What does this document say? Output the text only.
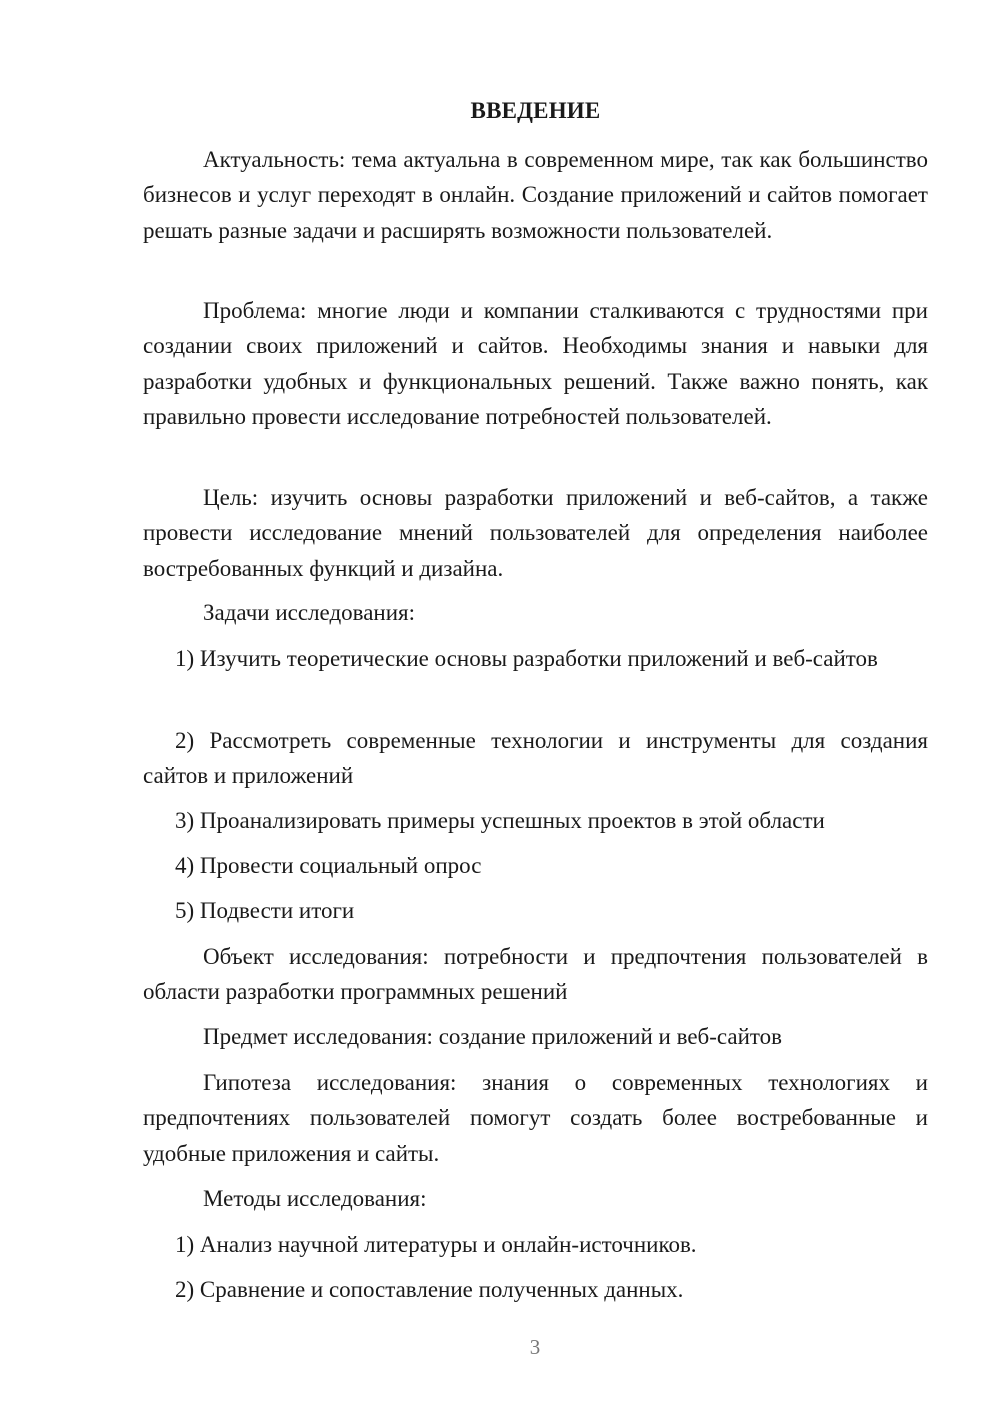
ВВЕДЕНИЕ

Актуальность: тема актуальна в современном мире, так как большинство бизнесов и услуг переходят в онлайн. Создание приложений и сайтов помогает решать разные задачи и расширять возможности пользователей.

Проблема: многие люди и компании сталкиваются с трудностями при создании своих приложений и сайтов. Необходимы знания и навыки для разработки удобных и функциональных решений. Также важно понять, как правильно провести исследование потребностей пользователей.

Цель: изучить основы разработки приложений и веб-сайтов, а также провести исследование мнений пользователей для определения наиболее востребованных функций и дизайна.

Задачи исследования:

1) Изучить теоретические основы разработки приложений и веб-сайтов

2) Рассмотреть современные технологии и инструменты для создания сайтов и приложений

3) Проанализировать примеры успешных проектов в этой области

4) Провести социальный опрос

5) Подвести итоги

Объект исследования: потребности и предпочтения пользователей в области разработки программных решений

Предмет исследования: создание приложений и веб-сайтов

Гипотеза исследования: знания о современных технологиях и предпочтениях пользователей помогут создать более востребованные и удобные приложения и сайты.

Методы исследования:

1) Анализ научной литературы и онлайн-источников.

2) Сравнение и сопоставление полученных данных.

3
